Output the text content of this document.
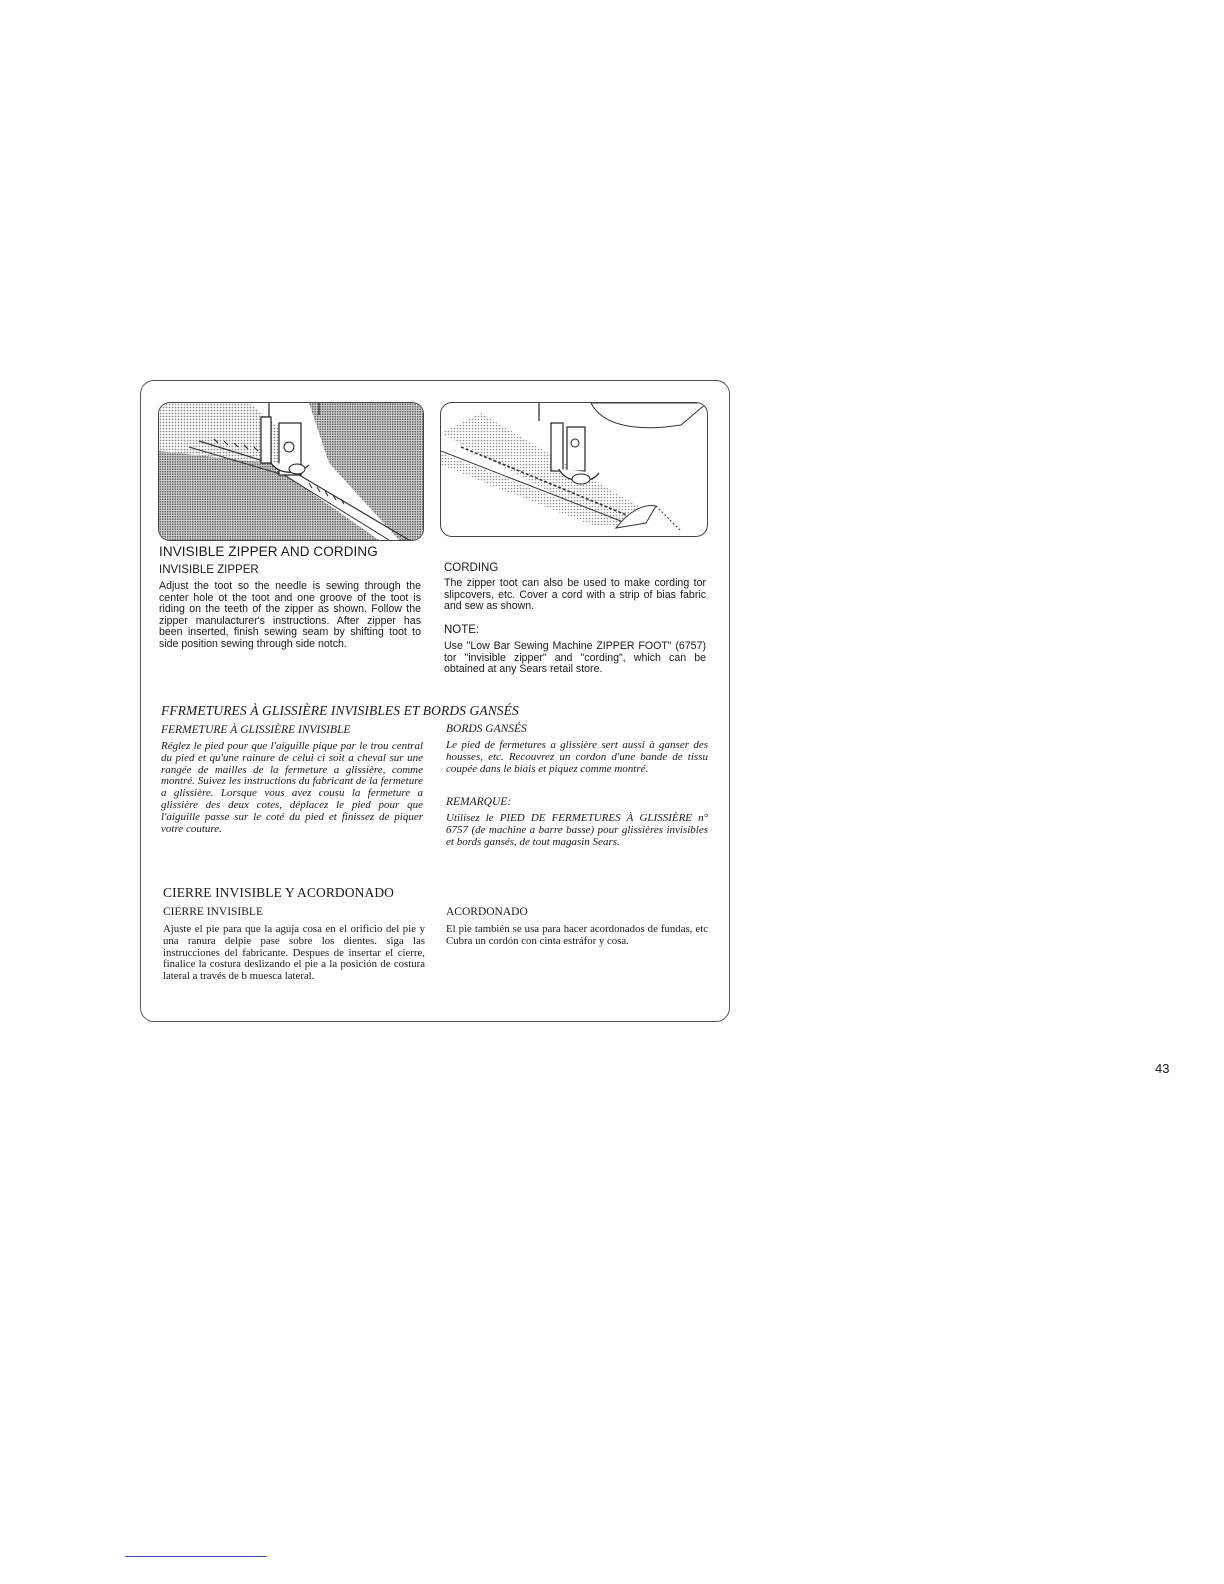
INVISIBLE ZIPPER AND CORDING

INVISIBLE ZIPPER

Adjust the toot so the needle is sewing through the center hole ot the toot and one groove of the toot is riding on the teeth of the zipper as shown. Follow the zipper manulacturer's instructions. After zipper has been inserted, finish sewing seam by shifting toot to side position sewing through side notch.

CORDING

The zipper toot can also be used to make cording tor slipcovers, etc. Cover a cord with a strip of bias fabric and sew as shown.

NOTE:

Use "Low Bar Sewing Machine ZIPPER FOOT" (6757) tor "invisible zipper" and "cording", which can be obtained at any Sears retail store.

FFRMETURES À GLISSIÈRE INVISIBLES ET BORDS GANSÉS

FERMETURE À GLISSIÈRE INVISIBLE

Réglez le pied pour que l'aiguille pique par le trou central du pied et qu'une rainure de celui ci soit a cheval sur une rangée de mailles de la fermeture a glissière, comme montré. Suivez les instructions du fabricant de la fermeture a glissière. Lorsque vous avez cousu la fermeture a glissière des deux cotes, déplacez le pied pour que l'aiguille passe sur le coté du pied et finissez de piquer votre couture.

BORDS GANSÉS

Le pied de fermetures a glissière sert aussi à ganser des housses, etc. Recouvrez un cordon d'une bande de tissu coupée dans le biais et piquez comme montré.

REMARQUE:

Utilisez le PIED DE FERMETURES À GLISSIÈRE n° 6757 (de machine a barre basse) pour glissières invisibles et bords gansés, de tout magasin Sears.

CIERRE INVISIBLE Y ACORDONADO

CIERRE INVISIBLE

Ajuste el pie para que la aguja cosa en el orificio del pie y una ranura delpie pase sobre los dientes. siga las instrucciones del fabricante. Despues de insertar el cierre, finalice la costura deslizando el pie a la posición de costura lateral a través de b muesca lateral.

ACORDONADO

El pie también se usa para hacer acordonados de fundas, etc Cubra un cordón con cinta estráfor y cosa.

43
